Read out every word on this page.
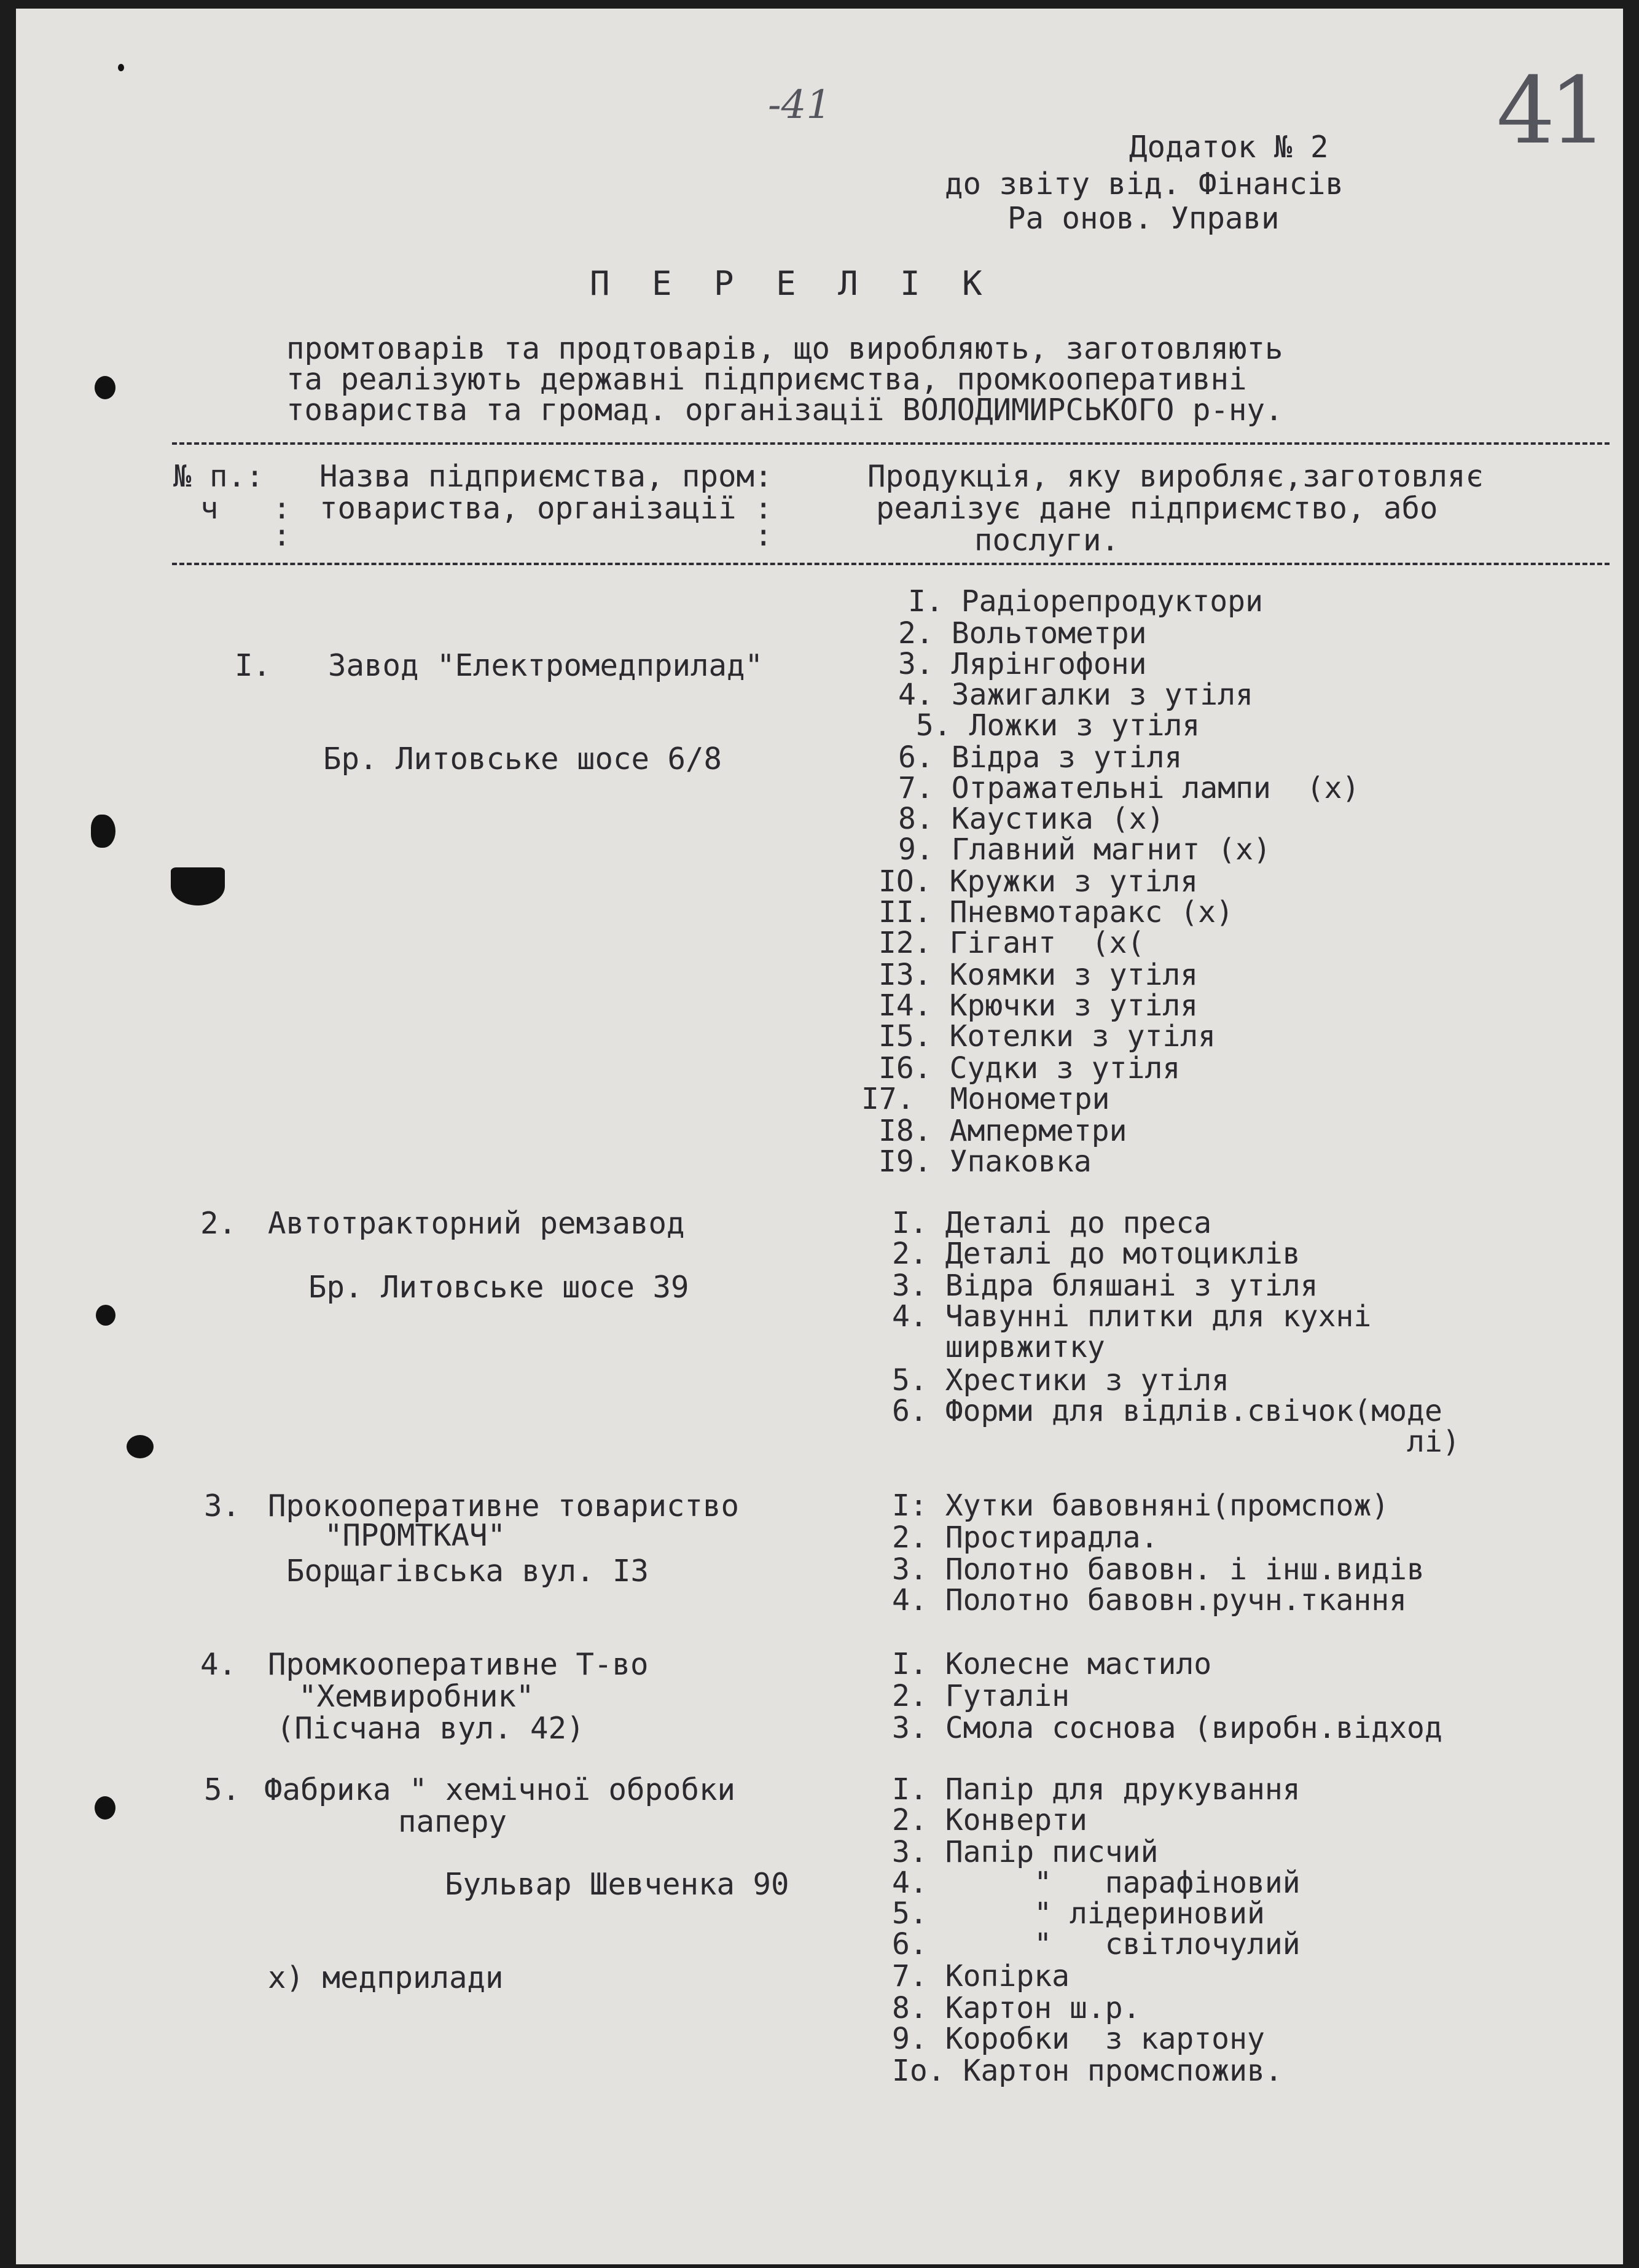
-41	41
Додаток № 2
до звіту від. Фінансів
Ра онов. Управи
П Е Р Е Л І К
промтоварів та продтоварів, що виробляють, заготовляють
та реалізують державні підприємства, промкооперативні
товариства та громад. організації ВОЛОДИМИРСЬКОГО р-ну.
№ п.:
ч   :
:
Назва підприємства, пром:
товариства, організації :
:
Продукція, яку виробляє,заготовляє
реалізує дане підприємство, або
послуги.
I. Завод "Електромедприлад"
Бр. Литовське шосе 6/8
I. Радіорепродуктори
2. Вольтометри
3. Лярінгофони
4. Зажигалки з утіля
5. Ложки з утіля
6. Відра з утіля
7. Отражательні лампи  (х)
8. Каустика (х)
9. Главний магнит (х)
IO. Кружки з утіля
II. Пневмотаракс (х)
I2. Гігант  (х(
I3. Коямки з утіля
I4. Крючки з утіля
I5. Котелки з утіля
I6. Судки з утіля
I7.  Монометри
I8. Амперметри
I9. Упаковка
2. Автотракторний ремзавод
Бр. Литовське шосе 39
I. Деталі до преса
2. Деталі до мотоциклів
3. Відра бляшані з утіля
4. Чавунні плитки для кухні
ширвжитку
5. Хрестики з утіля
6. Форми для відлів.свічок(моде
лі)
3. Прокооперативне товариство
"ПРОМТКАЧ"
Борщагівська вул. I3
I: Хутки бавовняні(промспож)
2. Простирадла.
3. Полотно бавовн. і інш.видів
4. Полотно бавовн.ручн.ткання
4. Промкооперативне Т-во
"Хемвиробник"
(Пісчана вул. 42)
I. Колесне мастило
2. Гуталін
3. Смола соснова (виробн.відход
5. Фабрика " хемічної обробки
паперу
Бульвар Шевченка 90
I. Папір для друкування
2. Конверти
3. Папір писчий
4.      "   парафіновий
5.      " лідериновий
6.      "   світлочулий
7. Копірка
8. Картон ш.р.
9. Коробки  з картону
Iо. Картон промспожив.
х) медприлади
